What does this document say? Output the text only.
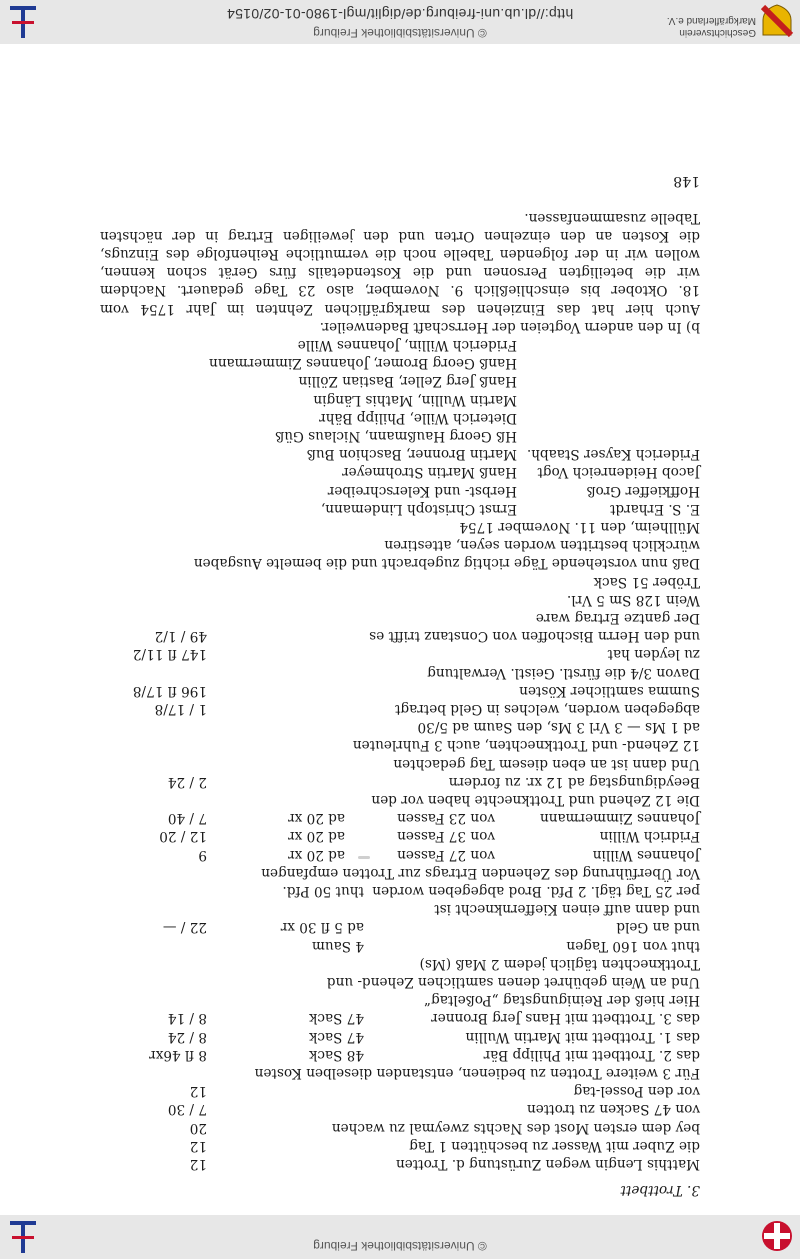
© Universitätsbibliothek Freiburg
3. Trottbett
Matthis Lengin wegen Zurüstung d. Trotten
12
die Zuber mit Wasser zu beschütten 1 Tag
12
bey dem ersten Most des Nachts zweymal zu wachen
20
von 47 Sacken zu trotten
7 / 30
vor den Possel-tag
12
Für 3 weitere Trotten zu bedienen, entstanden dieselben Kosten
das 2. Trottbett mit Philipp Bär
48 Sack
8 fl 46xr
das 1. Trottbett mit Martin Wullin
47 Sack
8 / 24
das 3. Trottbett mit Hans Jerg Bronner
47 Sack
8 / 14
Hier hieß der Reinigungstag „Poßeltag“
Und an Wein gebühret denen samtlichen Zehend- und
Trottknechten täglich jedem 2 Maß (Ms)
thut von 160 Tagen
4 Saum
und an Geld
ad 5 fl 30 xr
22 / —
und dann auff einen Kieffernknecht ist
per 25 Tag tägl. 2 Pfd. Brod abgegeben worden
thut 50 Pfd.
Vor Überführung des Zehenden Ertrags zur Trotten empfangen
Johannes Willin
von 27 Fassen
ad 20 xr
9
Fridrich Willin
von 37 Fassen
ad 20 xr
12 / 20
Johannes Zimmermann
von 23 Fassen
ad 20 xr
7 / 40
Die 12 Zehend und Trottknechte haben vor den
Beeydigungstag ad 12 xr. zu fordern
2 / 24
Und dann ist an eben diesem Tag gedachten
12 Zehend- und Trottknechten, auch 3 Fuhrleuten
ad 1 Ms — 3 Vrl 3 Ms, den Saum ad 5/30
abgegeben worden, welches in Geld betragt
1 / 17/8
Summa samtlicher Kösten
196 fl 17/8
Davon 3/4 die fürstl. Geistl. Verwaltung
zu leyden hat
147 fl 11/2
und den Herrn Bischoffen von Constanz trifft es
49 / 1/2
Der gantze Ertrag ware
Wein 128 Sm 5 Vrl.
Tröber 51 Sack
Daß nun vorstehende Täge richtig zugebracht und die bemelte Ausgaben
würcklich bestritten worden seyen, attestiren
Müllheim, den 11. November 1754
E. S. Erhardt
Ernst Christoph Lindemann,
Hoffkieffer Groß
Herbst- und Kelerschreiber
Jacob Heidenreich Vogt
Hanß Martin Strohmeyer
Friderich Kayser Staabh.
Martin Bronner, Baschion Buß
Hß Georg Haußmann, Niclaus Güß
Dieterich Wille, Philipp Bähr
Martin Wullin, Mathis Längin
Hanß Jerg Zeller, Bastian Zöllin
Hanß Georg Bromer, Johannes Zimmermann
Friderich Willin, Johannes Wille
b) In den andern Vogteien der Herrschaft Badenweiler.
Auch hier hat das Einziehen des markgräflichen Zehnten im Jahr 1754 vom
18. Oktober bis einschließlich 9. November, also 23 Tage gedauert. Nachdem
wir die beteiligten Personen und die Kostendetails fürs Gerät schon kennen,
wollen wir in der folgenden Tabelle noch die vermutliche Reihenfolge des Einzugs,
die Kosten an den einzelnen Orten und den jeweiligen Ertrag in der nächsten
Tabelle zusammenfassen.
148
Geschichtsverein
Markgräflerland e.V.
http://dl.ub.uni-freiburg.de/diglit/mgl-1980-01-02/0154
© Universitätsbibliothek Freiburg
